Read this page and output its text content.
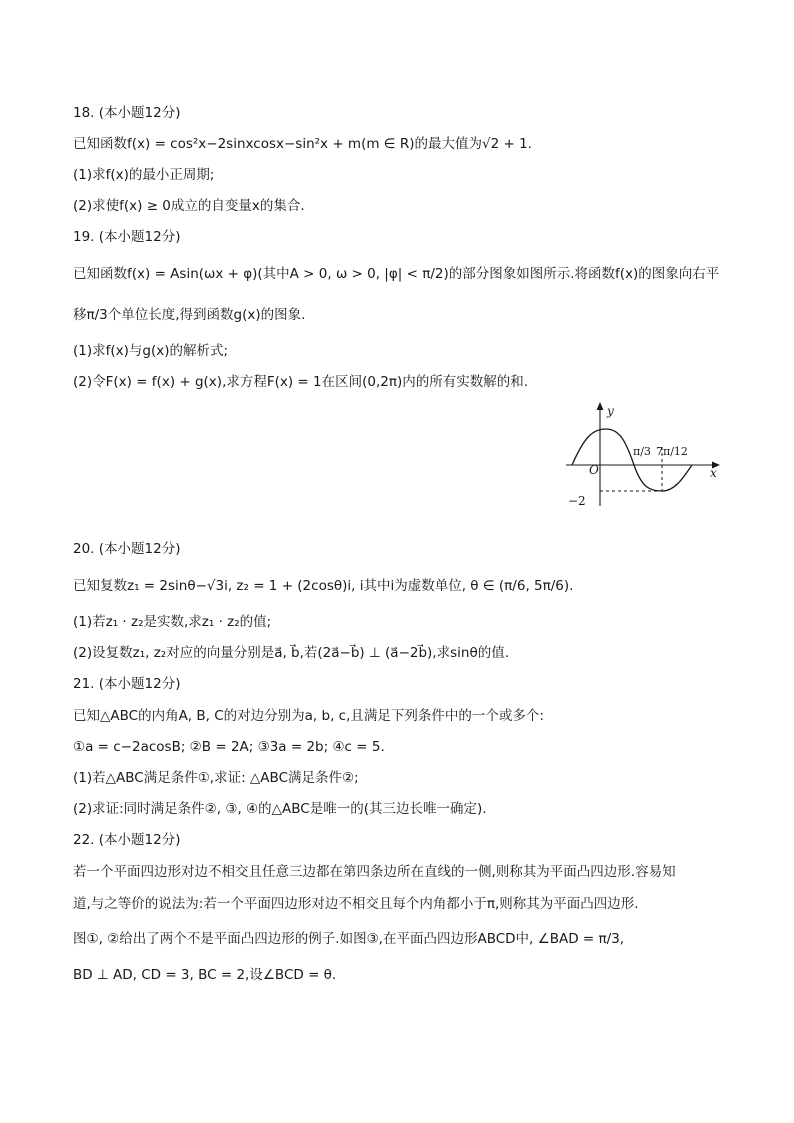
18. (本小题12分)
已知函数f(x) = cos²x−2sinxcosx−sin²x + m(m ∈ R)的最大值为√2 + 1.
(1)求f(x)的最小正周期;
(2)求使f(x) ≥ 0成立的自变量x的集合.
19. (本小题12分)
已知函数f(x) = Asin(ωx + φ)(其中A > 0, ω > 0, |φ| < π/2)的部分图象如图所示.将函数f(x)的图象向右平
移π/3个单位长度,得到函数g(x)的图象.
(1)求f(x)与g(x)的解析式;
(2)令F(x) = f(x) + g(x),求方程F(x) = 1在区间(0,2π)内的所有实数解的和.
y
x
O
π/3 7π/12
−2
20. (本小题12分)
已知复数z₁ = 2sinθ−√3i, z₂ = 1 + (2cosθ)i, i其中i为虚数单位, θ ∈ (π/6, 5π/6).
(1)若z₁ · z₂是实数,求z₁ · z₂的值;
(2)设复数z₁, z₂对应的向量分别是a⃗, b⃗,若(2a⃗−b⃗) ⊥ (a⃗−2b⃗),求sinθ的值.
21. (本小题12分)
已知△ABC的内角A, B, C的对边分别为a, b, c,且满足下列条件中的一个或多个:
①a = c−2acosB; ②B = 2A; ③3a = 2b; ④c = 5.
(1)若△ABC满足条件①,求证: △ABC满足条件②;
(2)求证:同时满足条件②, ③, ④的△ABC是唯一的(其三边长唯一确定).
22. (本小题12分)
若一个平面四边形对边不相交且任意三边都在第四条边所在直线的一侧,则称其为平面凸四边形.容易知
道,与之等价的说法为:若一个平面四边形对边不相交且每个内角都小于π,则称其为平面凸四边形.
图①, ②给出了两个不是平面凸四边形的例子.如图③,在平面凸四边形ABCD中, ∠BAD = π/3,
BD ⊥ AD, CD = 3, BC = 2,设∠BCD = θ.
